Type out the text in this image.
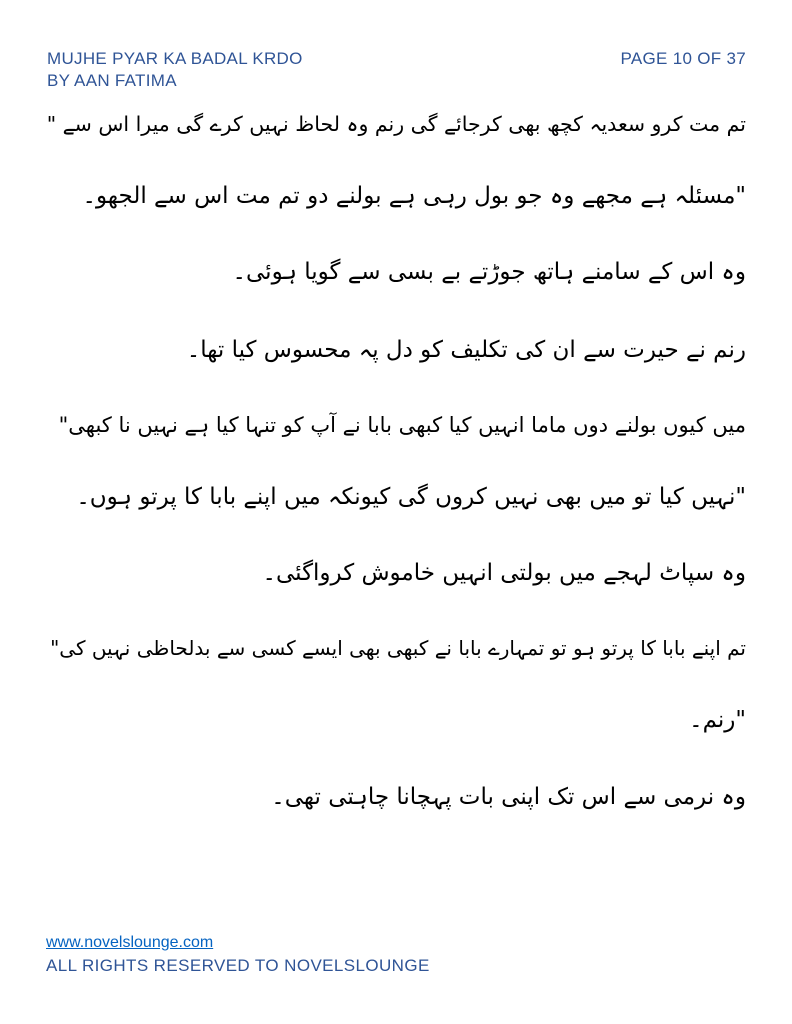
MUJHE PYAR KA BADAL KRDO
BY AAN FATIMA
PAGE 10 OF 37
تم مت کرو سعدیہ کچھ بھی کرجائے گی رنم وہ لحاظ نہیں کرے گی میرا اس سے "
"مسئلہ ہے مجھے وہ جو بول رہی ہے بولنے دو تم مت اس سے الجھو۔
وہ اس کے سامنے ہاتھ جوڑتے بے بسی سے گویا ہوئی۔
رنم نے حیرت سے ان کی تکلیف کو دل پہ محسوس کیا تھا۔
میں کیوں بولنے دوں ماما انہیں کیا کبھی بابا نے آپ کو تنہا کیا ہے نہیں نا کبھی"
"نہیں کیا تو میں بھی نہیں کروں گی کیونکہ میں اپنے بابا کا پرتو ہوں۔
وہ سپاٹ لہجے میں بولتی انہیں خاموش کرواگئی۔
تم اپنے بابا کا پرتو ہو تو تمہارے بابا نے کبھی بھی ایسے کسی سے بدلحاظی نہیں کی"
"رنم۔
وہ نرمی سے اس تک اپنی بات پہچانا چاہتی تھی۔
www.novelslounge.com
ALL RIGHTS RESERVED TO NOVELSLOUNGE
